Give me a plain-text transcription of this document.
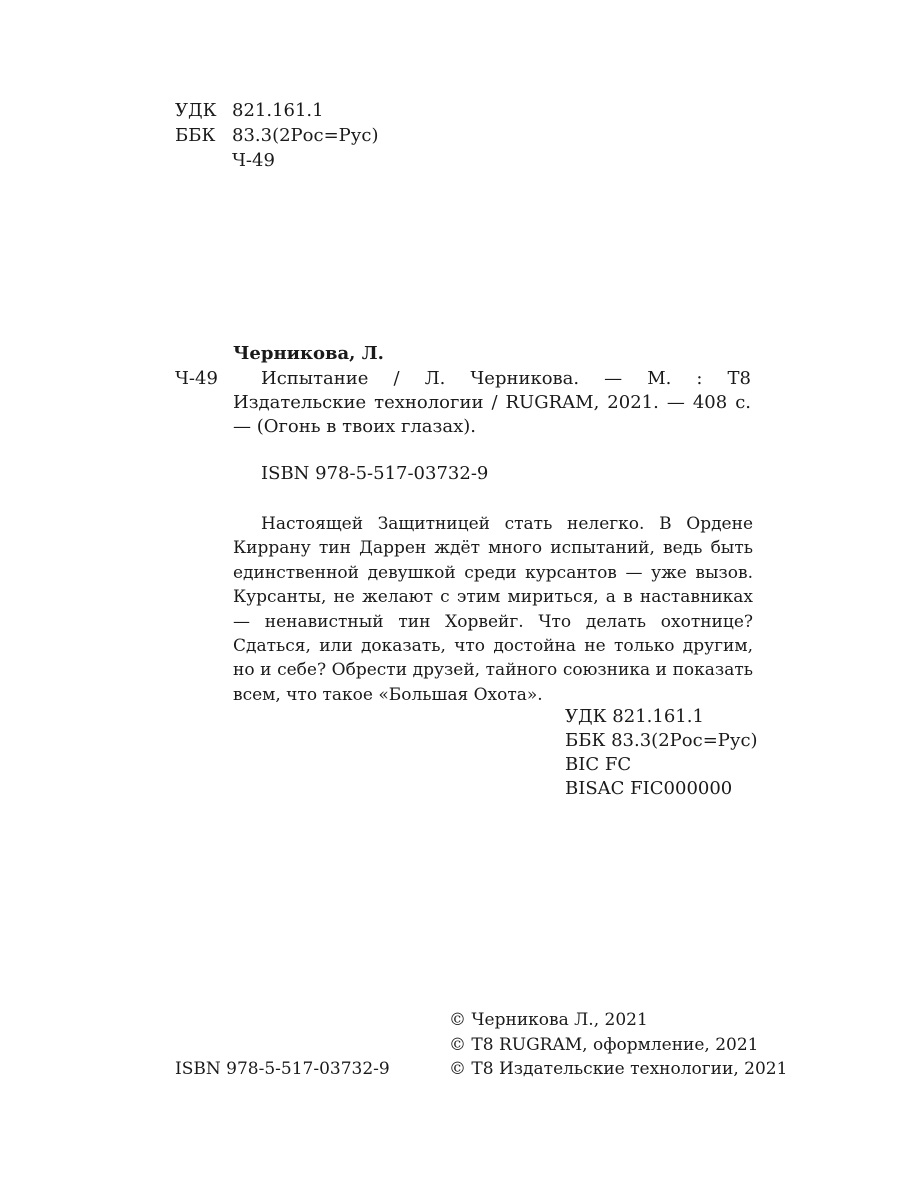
УДК 821.161.1
ББК 83.3(2Рос=Рус)
Ч-49
Черникова, Л.
Ч-49	Испытание / Л. Черникова. — М. : Т8 Издательские технологии / RUGRAM, 2021. — 408 с. — (Огонь в твоих глазах).
ISBN 978-5-517-03732-9
Настоящей Защитницей стать нелегко. В Ордене Киррану тин Даррен ждёт много испытаний, ведь быть единственной девушкой среди курсантов — уже вызов. Курсанты, не желают с этим мириться, а в наставниках — ненавистный тин Хорвейг. Что делать охотнице? Сдаться, или доказать, что достойна не только другим, но и себе? Обрести друзей, тайного союзника и показать всем, что такое «Большая Охота».
УДК 821.161.1
ББК 83.3(2Рос=Рус)
BIC FC
BISAC FIC000000
ISBN 978-5-517-03732-9
© Черникова Л., 2021
© Т8 RUGRAM, оформление, 2021
© Т8 Издательские технологии, 2021
